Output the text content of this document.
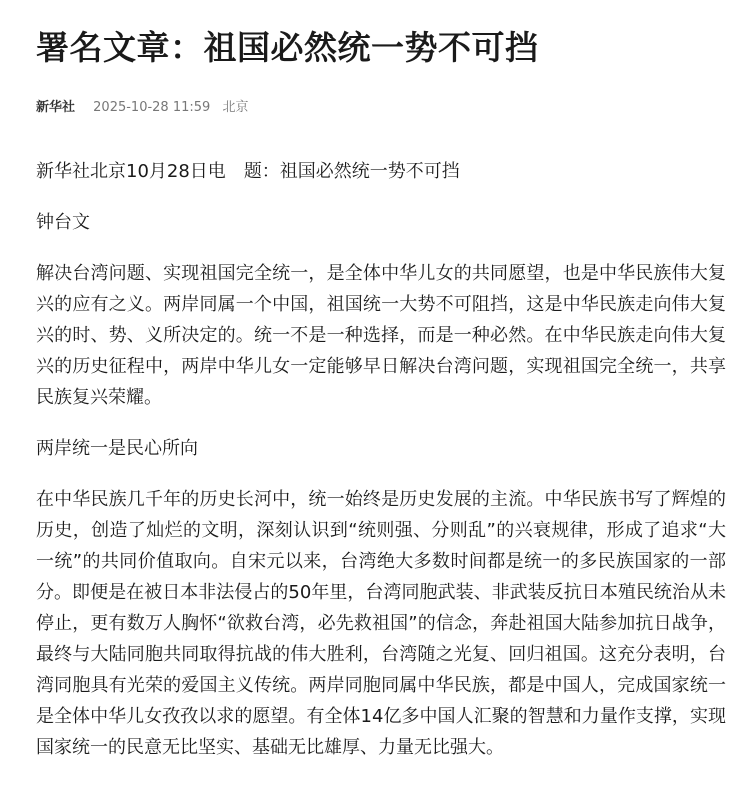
署名文章：祖国必然统一势不可挡
新华社 2025-10-28 11:59 北京

新华社北京10月28日电 题：祖国必然统一势不可挡

钟台文

解决台湾问题、实现祖国完全统一，是全体中华儿女的共同愿望，也是中华民族伟大复兴的应有之义。两岸同属一个中国，祖国统一大势不可阻挡，这是中华民族走向伟大复兴的时、势、义所决定的。统一不是一种选择，而是一种必然。在中华民族走向伟大复兴的历史征程中，两岸中华儿女一定能够早日解决台湾问题，实现祖国完全统一，共享民族复兴荣耀。

两岸统一是民心所向

在中华民族几千年的历史长河中，统一始终是历史发展的主流。中华民族书写了辉煌的历史，创造了灿烂的文明，深刻认识到“统则强、分则乱”的兴衰规律，形成了追求“大一统”的共同价值取向。自宋元以来，台湾绝大多数时间都是统一的多民族国家的一部分。即便是在被日本非法侵占的50年里，台湾同胞武装、非武装反抗日本殖民统治从未停止，更有数万人胸怀“欲救台湾，必先救祖国”的信念，奔赴祖国大陆参加抗日战争，最终与大陆同胞共同取得抗战的伟大胜利，台湾随之光复、回归祖国。这充分表明，台湾同胞具有光荣的爱国主义传统。两岸同胞同属中华民族，都是中国人，完成国家统一是全体中华儿女孜孜以求的愿望。有全体14亿多中国人汇聚的智慧和力量作支撑，实现国家统一的民意无比坚实、基础无比雄厚、力量无比强大。
